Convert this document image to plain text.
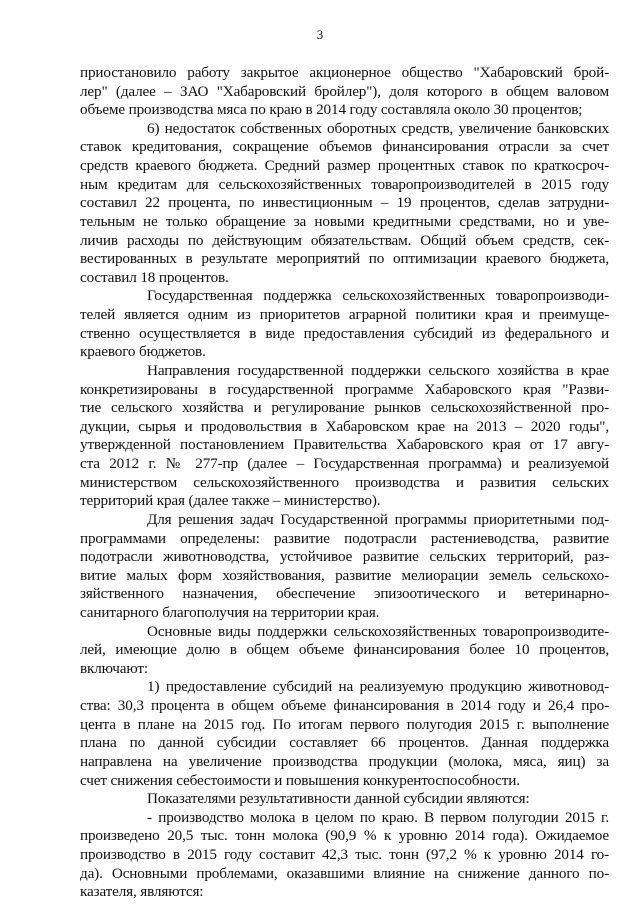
3
приостановило работу закрытое акционерное общество "Хабаровский брой-
лер" (далее – ЗАО "Хабаровский бройлер"), доля которого в общем валовом
объеме производства мяса по краю в 2014 году составляла около 30 процентов;
6) недостаток собственных оборотных средств, увеличение банковских
ставок кредитования, сокращение объемов финансирования отрасли за счет
средств краевого бюджета. Средний размер процентных ставок по краткосроч-
ным кредитам для сельскохозяйственных товаропроизводителей в 2015 году
составил 22 процента, по инвестиционным – 19 процентов, сделав затрудни-
тельным не только обращение за новыми кредитными средствами, но и уве-
личив расходы по действующим обязательствам. Общий объем средств, сек-
вестированных в результате мероприятий по оптимизации краевого бюджета,
составил 18 процентов.
Государственная поддержка сельскохозяйственных товаропроизводи-
телей является одним из приоритетов аграрной политики края и преимуще-
ственно осуществляется в виде предоставления субсидий из федерального и
краевого бюджетов.
Направления государственной поддержки сельского хозяйства в крае
конкретизированы в государственной программе Хабаровского края "Разви-
тие сельского хозяйства и регулирование рынков сельскохозяйственной про-
дукции, сырья и продовольствия в Хабаровском крае на 2013 – 2020 годы",
утвержденной постановлением Правительства Хабаровского края от 17 авгу-
ста 2012 г. № 277-пр (далее – Государственная программа) и реализуемой
министерством сельскохозяйственного производства и развития сельских
территорий края (далее также – министерство).
Для решения задач Государственной программы приоритетными под-
программами определены: развитие подотрасли растениеводства, развитие
подотрасли животноводства, устойчивое развитие сельских территорий, раз-
витие малых форм хозяйствования, развитие мелиорации земель сельскохо-
зяйственного назначения, обеспечение эпизоотического и ветеринарно-
санитарного благополучия на территории края.
Основные виды поддержки сельскохозяйственных товаропроизводите-
лей, имеющие долю в общем объеме финансирования более 10 процентов,
включают:
1) предоставление субсидий на реализуемую продукцию животновод-
ства: 30,3 процента в общем объеме финансирования в 2014 году и 26,4 про-
цента в плане на 2015 год. По итогам первого полугодия 2015 г. выполнение
плана по данной субсидии составляет 66 процентов. Данная поддержка
направлена на увеличение производства продукции (молока, мяса, яиц) за
счет снижения себестоимости и повышения конкурентоспособности.
Показателями результативности данной субсидии являются:
- производство молока в целом по краю. В первом полугодии 2015 г.
произведено 20,5 тыс. тонн молока (90,9 % к уровню 2014 года). Ожидаемое
производство в 2015 году составит 42,3 тыс. тонн (97,2 % к уровню 2014 го-
да). Основными проблемами, оказавшими влияние на снижение данного по-
казателя, являются:
